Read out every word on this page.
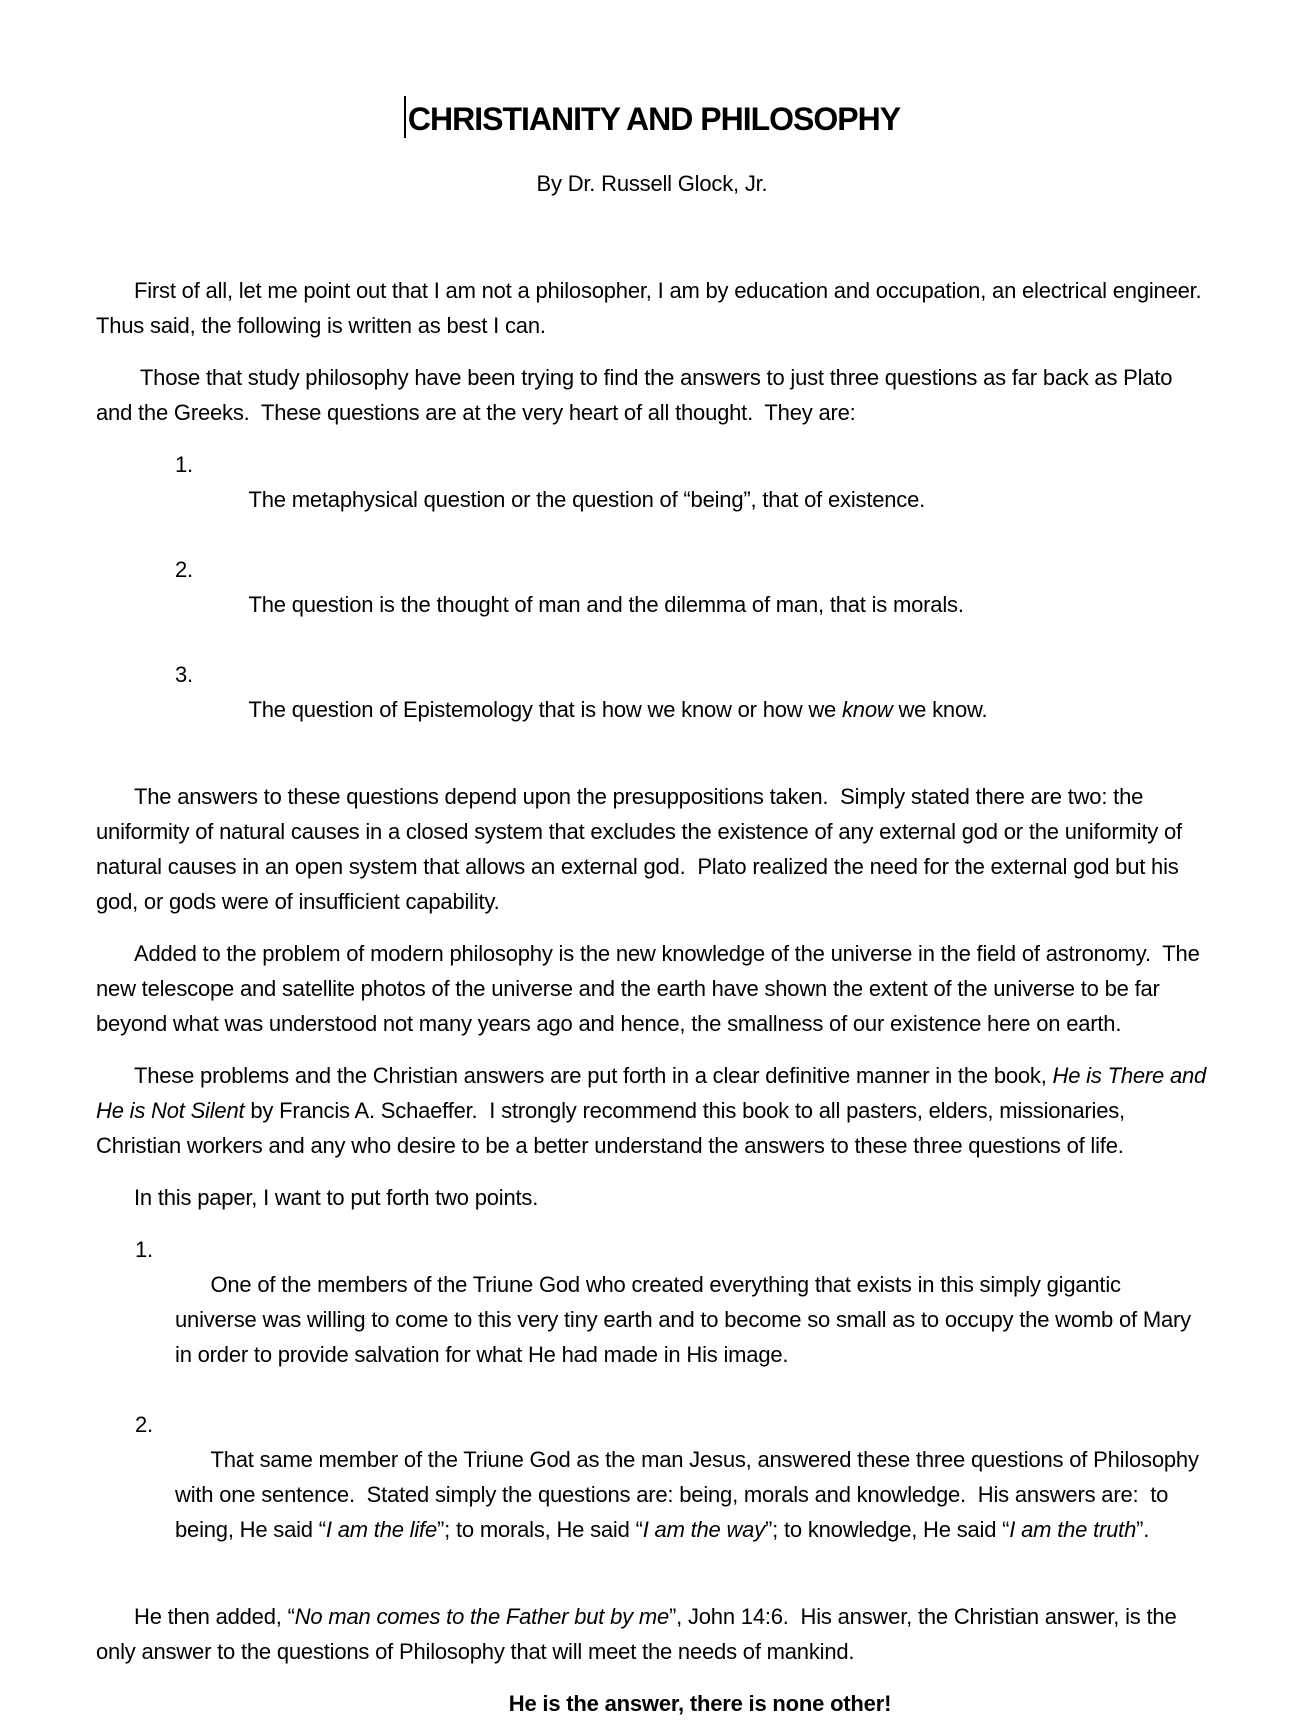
CHRISTIANITY AND PHILOSOPHY

By Dr. Russell Glock, Jr.

First of all, let me point out that I am not a philosopher, I am by education and occupation, an electrical engineer.  Thus said, the following is written as best I can.

Those that study philosophy have been trying to find the answers to just three questions as far back as Plato and the Greeks.  These questions are at the very heart of all thought.  They are:

1.
The metaphysical question or the question of “being”, that of existence.

2.
The question is the thought of man and the dilemma of man, that is morals.

3.
The question of Epistemology that is how we know or how we know we know.

The answers to these questions depend upon the presuppositions taken.  Simply stated there are two: the uniformity of natural causes in a closed system that excludes the existence of any external god or the uniformity of natural causes in an open system that allows an external god.  Plato realized the need for the external god but his god, or gods were of insufficient capability.

Added to the problem of modern philosophy is the new knowledge of the universe in the field of astronomy.  The new telescope and satellite photos of the universe and the earth have shown the extent of the universe to be far beyond what was understood not many years ago and hence, the smallness of our existence here on earth.

These problems and the Christian answers are put forth in a clear definitive manner in the book, He is There and He is Not Silent by Francis A. Schaeffer.  I strongly recommend this book to all pasters, elders, missionaries, Christian workers and any who desire to be a better understand the answers to these three questions of life.

In this paper, I want to put forth two points.

1.
One of the members of the Triune God who created everything that exists in this simply gigantic universe was willing to come to this very tiny earth and to become so small as to occupy the womb of Mary in order to provide salvation for what He had made in His image.

2.
That same member of the Triune God as the man Jesus, answered these three questions of Philosophy with one sentence.  Stated simply the questions are: being, morals and knowledge.  His answers are:  to being, He said “I am the life”; to morals, He said “I am the way”; to knowledge, He said “I am the truth”.

He then added, “No man comes to the Father but by me”, John 14:6.  His answer, the Christian answer, is the only answer to the questions of Philosophy that will meet the needs of mankind.

He is the answer, there is none other!
